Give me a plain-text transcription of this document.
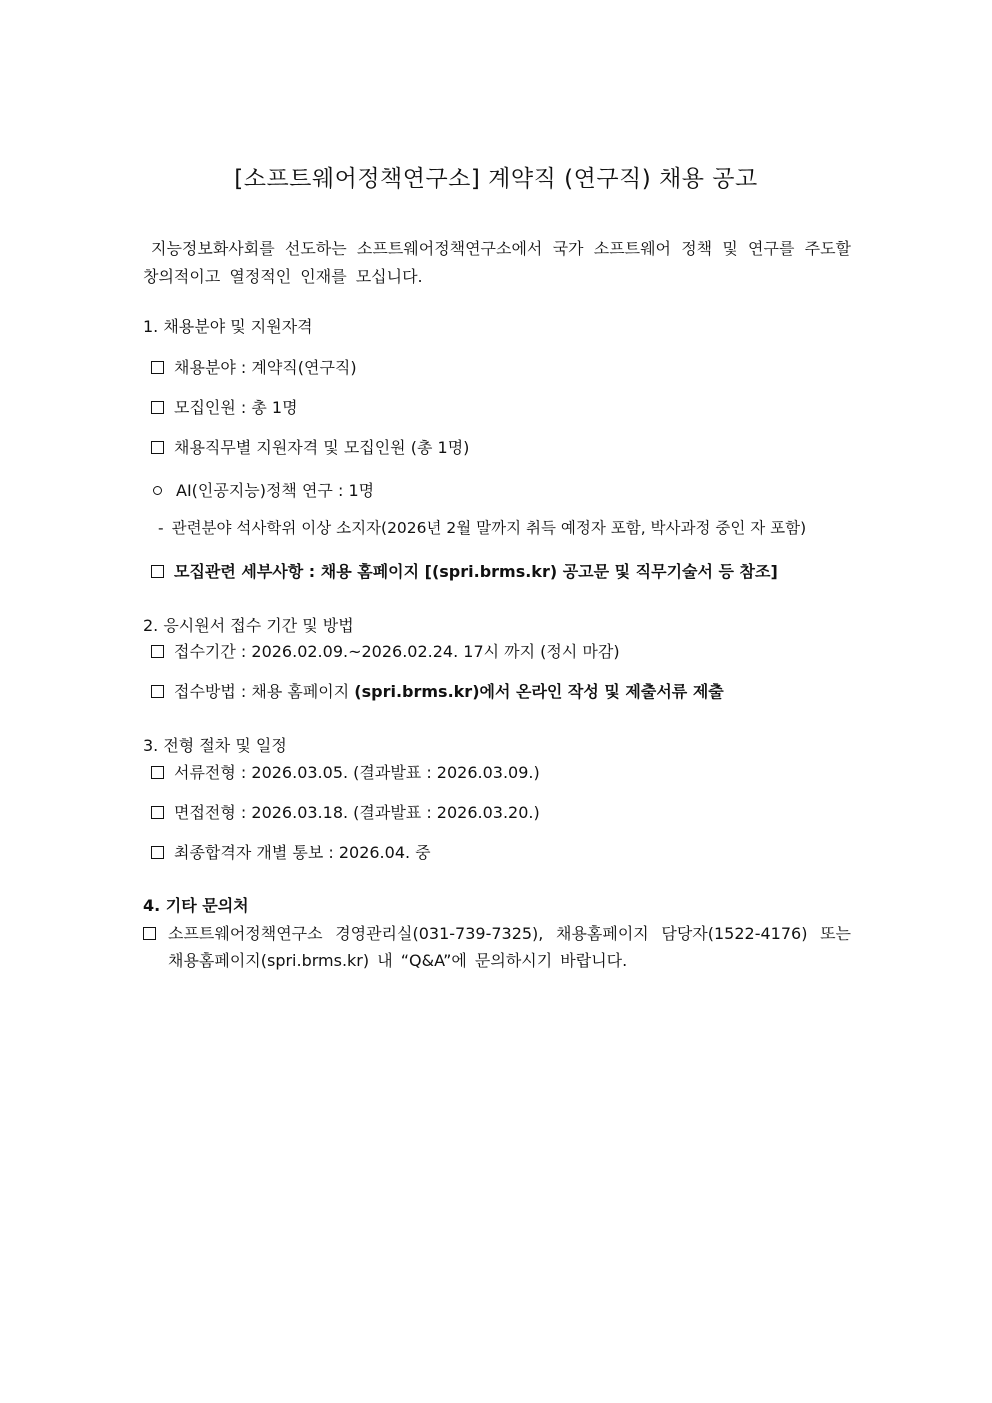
[소프트웨어정책연구소] 계약직 (연구직) 채용 공고
지능정보화사회를 선도하는 소프트웨어정책연구소에서 국가 소프트웨어 정책 및 연구를 주도할 창의적이고 열정적인 인재를 모십니다.
1. 채용분야 및 지원자격
채용분야 : 계약직(연구직)
모집인원 : 총 1명
채용직무별 지원자격 및 모집인원 (총 1명)
AI(인공지능)정책 연구 : 1명
- 관련분야 석사학위 이상 소지자(2026년 2월 말까지 취득 예정자 포함, 박사과정 중인 자 포함)
모집관련 세부사항 : 채용 홈페이지 [(spri.brms.kr) 공고문 및 직무기술서 등 참조]
2. 응시원서 접수 기간 및 방법
접수기간 : 2026.02.09.~2026.02.24. 17시 까지 (정시 마감)
접수방법 : 채용 홈페이지 (spri.brms.kr)에서 온라인 작성 및 제출서류 제출
3. 전형 절차 및 일정
서류전형 : 2026.03.05. (결과발표 : 2026.03.09.)
면접전형 : 2026.03.18. (결과발표 : 2026.03.20.)
최종합격자 개별 통보 : 2026.04. 중
4. 기타 문의처
소프트웨어정책연구소 경영관리실(031-739-7325), 채용홈페이지 담당자(1522-4176) 또는 채용홈페이지(spri.brms.kr) 내 “Q&A”에 문의하시기 바랍니다.
